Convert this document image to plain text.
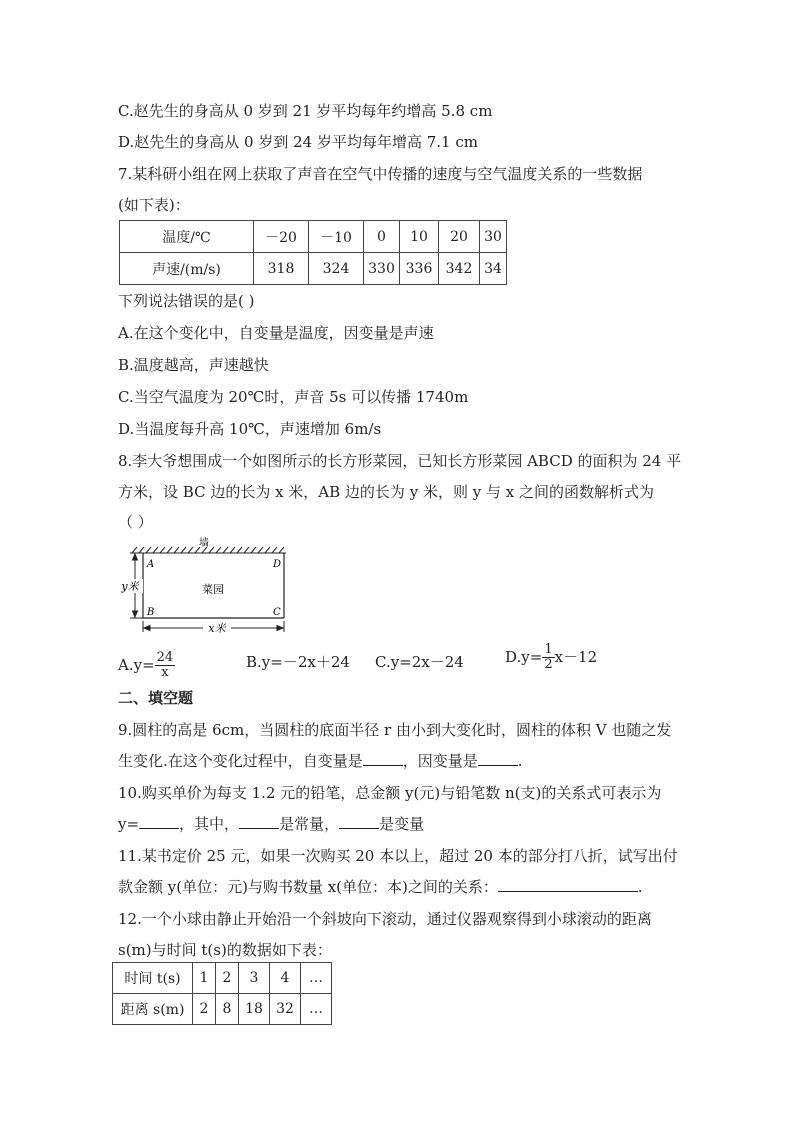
C.赵先生的身高从 0 岁到 21 岁平均每年约增高 5.8 cm
D.赵先生的身高从 0 岁到 24 岁平均每年增高 7.1 cm
7.某科研小组在网上获取了声音在空气中传播的速度与空气温度关系的一些数据
(如下表)：
温度/℃	－20	－10	0	10	20	30
声速/(m/s)	318	324	330	336	342	34
下列说法错误的是( )
A.在这个变化中，自变量是温度，因变量是声速
B.温度越高，声速越快
C.当空气温度为 20℃时，声音 5s 可以传播 1740m
D.当温度每升高 10℃，声速增加 6m/s
8.李大爷想围成一个如图所示的长方形菜园，已知长方形菜园 ABCD 的面积为 24 平
方米，设 BC 边的长为 x 米，AB 边的长为 y 米，则 y 与 x 之间的函数解析式为
（ ）
墙
y米
x米
A	D
B	C
菜园
$A.y= \frac{24}{x}$	B.y=－2x＋24 C.y=2x－24	$D.y= \frac{1}{2} x-12$
二、填空题
9.圆柱的高是 6cm，当圆柱的底面半径 r 由小到大变化时，圆柱的体积 V 也随之发
生变化.在这个变化过程中，自变量是	，因变量是	.
10.购买单价为每支 1.2 元的铅笔，总金额 y(元)与铅笔数 n(支)的关系式可表示为
y=	，其中，	是常量，	是变量
11.某书定价 25 元，如果一次购买 20 本以上，超过 20 本的部分打八折，试写出付
款金额 y(单位：元)与购书数量 x(单位：本)之间的关系：	.
12.一个小球由静止开始沿一个斜坡向下滚动，通过仪器观察得到小球滚动的距离
s(m)与时间 t(s)的数据如下表：
时间 t(s)	1	2	3	4	…
距离 s(m)	2	8	18	32	…
